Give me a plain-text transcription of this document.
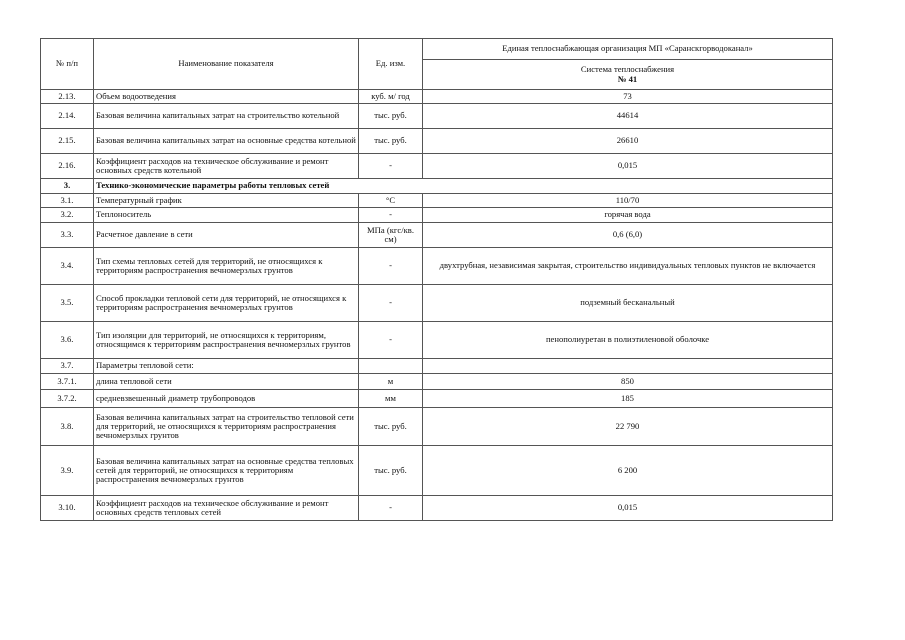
№ п/п	Наименование показателя	Ед. изм.	Единая теплоснабжающая организация МП «Саранскгорводоканал»

			Система теплоснабжения
№ 41

2.13.	Объем водоотведения	куб. м/ год	73
2.14.	Базовая величина капитальных затрат на строительство котельной	тыс. руб.	44614
2.15.	Базовая величина капитальных затрат на основные средства котельной	тыс. руб.	26610
2.16.	Коэффициент расходов на техническое обслуживание и ремонт основных средств котельной	-	0,015
3.	Технико-экономические параметры работы тепловых сетей		
3.1.	Температурный график	°С	110/70
3.2.	Теплоноситель	-	горячая вода
3.3.	Расчетное давление в сети	МПа (кгс/кв. см)	0,6 (6,0)
3.4.	Тип схемы тепловых сетей для территорий, не относящихся к территориям распространения вечномерзлых грунтов	-	двухтрубная, независимая закрытая, строительство индивидуальных тепловых пунктов не включается
3.5.	Способ прокладки тепловой сети для территорий, не относящихся к территориям распространения вечномерзлых грунтов	-	подземный бесканальный
3.6.	Тип изоляции для территорий, не относящихся к территориям, относящимся к территориям распространения вечномерзлых грунтов	-	пенополиуретан в полиэтиленовой оболочке
3.7.	Параметры тепловой сети:		
3.7.1.	длина тепловой сети	м	850
3.7.2.	средневзвешенный диаметр трубопроводов	мм	185
3.8.	Базовая величина капитальных затрат на строительство тепловой сети для территорий, не относящихся к территориям распространения вечномерзлых грунтов	тыс. руб.	22 790
3.9.	Базовая величина капитальных затрат на основные средства тепловых сетей для территорий, не относящихся к территориям распространения вечномерзлых грунтов	тыс. руб.	6 200
3.10.	Коэффициент расходов на техническое обслуживание и ремонт основных средств тепловых сетей	-	0,015
